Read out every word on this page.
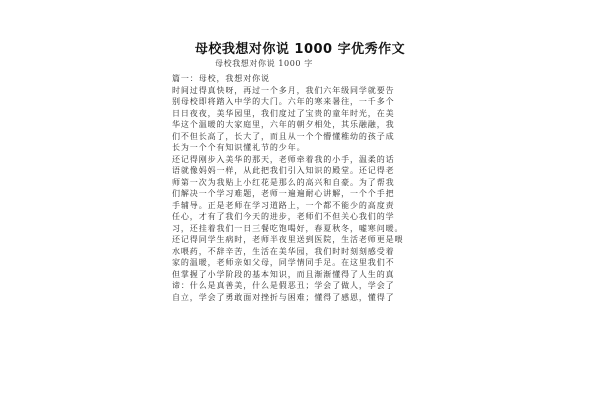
母校我想对你说 1000 字优秀作文
母校我想对你说 1000 字
篇一：母校，我想对你说
时间过得真快呀，再过一个多月，我们六年级同学就要告
别母校即将踏入中学的大门。六年的寒来暑往，一千多个
日日夜夜，美华园里，我们度过了宝贵的童年时光，在美
华这个温暖的大家庭里，六年的朝夕相处，其乐融融，我
们不但长高了，长大了，而且从一个个懵懂稚幼的孩子成
长为一个个有知识懂礼节的少年。
还记得刚步入美华的那天，老师牵着我的小手，温柔的话
语就像妈妈一样，从此把我们引入知识的殿堂。还记得老
师第一次为我贴上小红花是那么的高兴和自豪。为了帮我
们解决一个学习难题，老师一遍遍耐心讲解，一个个手把
手辅导。正是老师在学习道路上，一个都不能少的高度责
任心，才有了我们今天的进步，老师们不但关心我们的学
习，还挂着我们一日三餐吃饱喝好，春夏秋冬，嘘寒问暖。
还记得同学生病时，老师半夜里送到医院，生活老师更是喂
水喂药，不辞辛苦，生活在美华园，我们时时刻刻感受着
家的温暖，老师亲如父母，同学情同手足。在这里我们不
但掌握了小学阶段的基本知识，而且渐渐懂得了人生的真
谛：什么是真善美，什么是假恶丑；学会了做人，学会了
自立，学会了勇敢面对挫折与困难；懂得了感恩，懂得了
